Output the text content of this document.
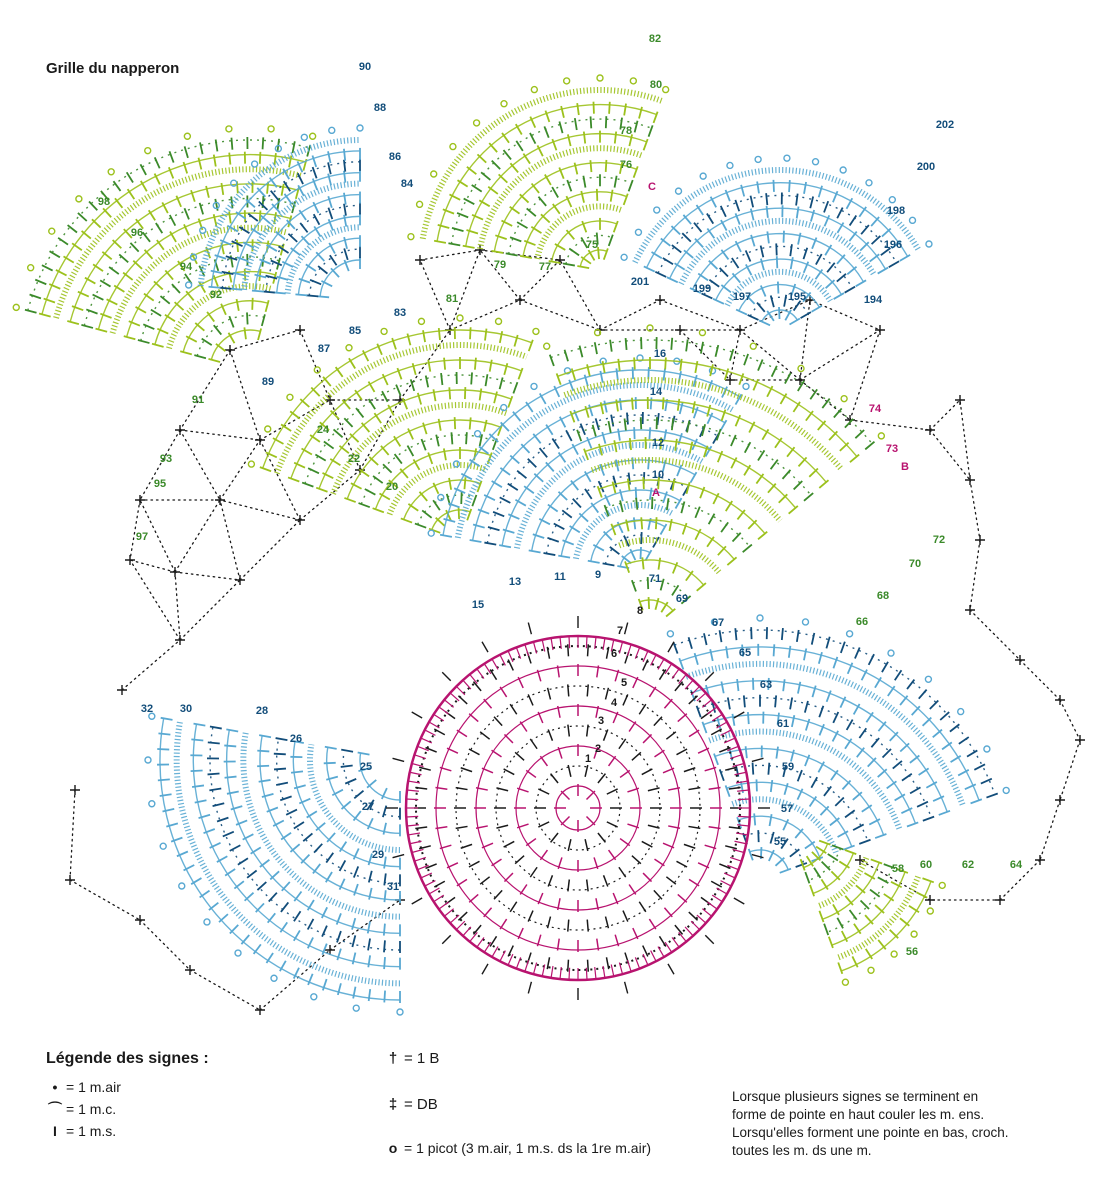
Grille du napperon
1
2
3
4
5
6
7
8
9
11
13
15
10
12
14
16
A
20
22
24
25
27
29
31
26
28
30
32
55
57
59
61
63
65
67
69
56
58 60	62	64
66
68
70
72
71
73
74
B
75
77
79
81
76
78
80
82
C
83
85
87
89
84
86
88
90
91
93
95
97
92
94
96
98
194
195
196
197
198
199
200
201
202
Légende des signes :
• = 1 m.air
⌒ = 1 m.c.
I = 1 m.s.
† = 1 B
‡ = DB
o = 1 picot (3 m.air, 1 m.s. ds la 1re m.air)
Lorsque plusieurs signes se terminent en
forme de pointe en haut couler les m. ens.
Lorsqu'elles forment une pointe en bas, croch.
toutes les m. ds une m.
